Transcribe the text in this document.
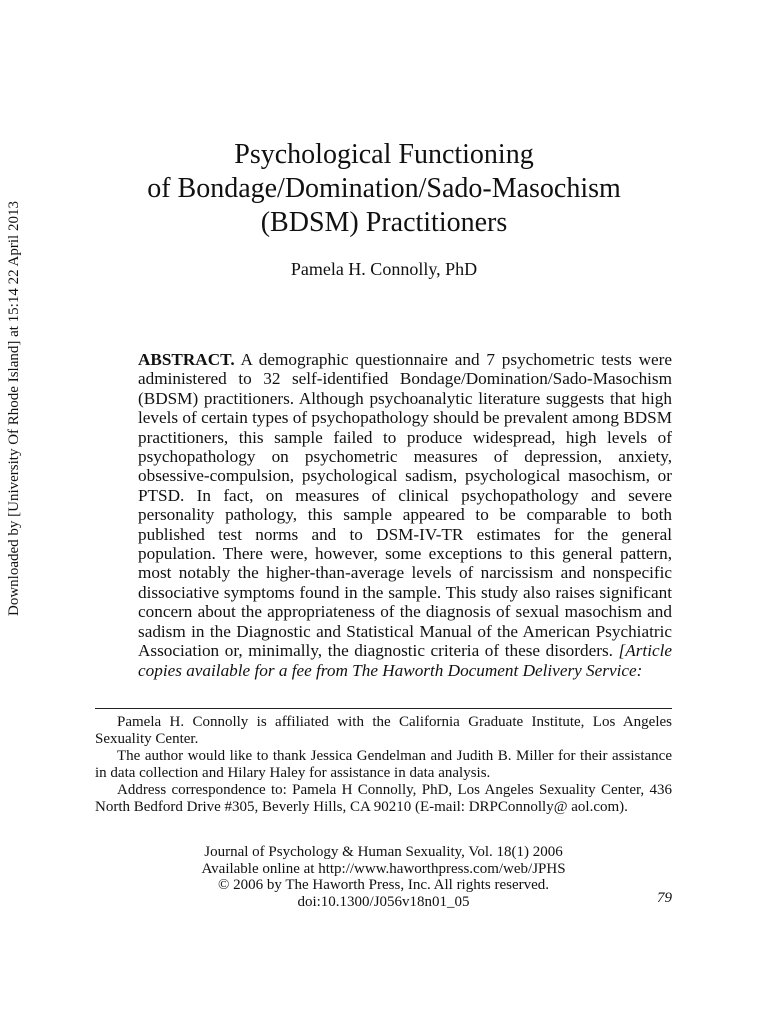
Downloaded by [University Of Rhode Island] at 15:14 22 April 2013
Psychological Functioning
of Bondage/Domination/Sado-Masochism
(BDSM) Practitioners
Pamela H. Connolly, PhD
ABSTRACT. A demographic questionnaire and 7 psychometric tests were administered to 32 self-identified Bondage/Domination/Sado-Masochism (BDSM) practitioners. Although psychoanalytic literature suggests that high levels of certain types of psychopathology should be prevalent among BDSM practitioners, this sample failed to produce widespread, high levels of psychopathology on psychometric measures of depression, anxiety, obsessive-compulsion, psychological sadism, psychological masochism, or PTSD. In fact, on measures of clinical psychopathology and severe personality pathology, this sample appeared to be comparable to both published test norms and to DSM-IV-TR estimates for the general population. There were, however, some exceptions to this general pattern, most notably the higher-than-average levels of narcissism and nonspecific dissociative symptoms found in the sample. This study also raises significant concern about the appropriateness of the diagnosis of sexual masochism and sadism in the Diagnostic and Statistical Manual of the American Psychiatric Association or, minimally, the diagnostic criteria of these disorders. [Article copies available for a fee from The Haworth Document Delivery Service:

Pamela H. Connolly is affiliated with the California Graduate Institute, Los Angeles Sexuality Center.

The author would like to thank Jessica Gendelman and Judith B. Miller for their assistance in data collection and Hilary Haley for assistance in data analysis.

Address correspondence to: Pamela H Connolly, PhD, Los Angeles Sexuality Center, 436 North Bedford Drive #305, Beverly Hills, CA 90210 (E-mail: DRPConnolly@ aol.com).

Journal of Psychology & Human Sexuality, Vol. 18(1) 2006
Available online at http://www.haworthpress.com/web/JPHS
© 2006 by The Haworth Press, Inc. All rights reserved.
doi:10.1300/J056v18n01_05	79
